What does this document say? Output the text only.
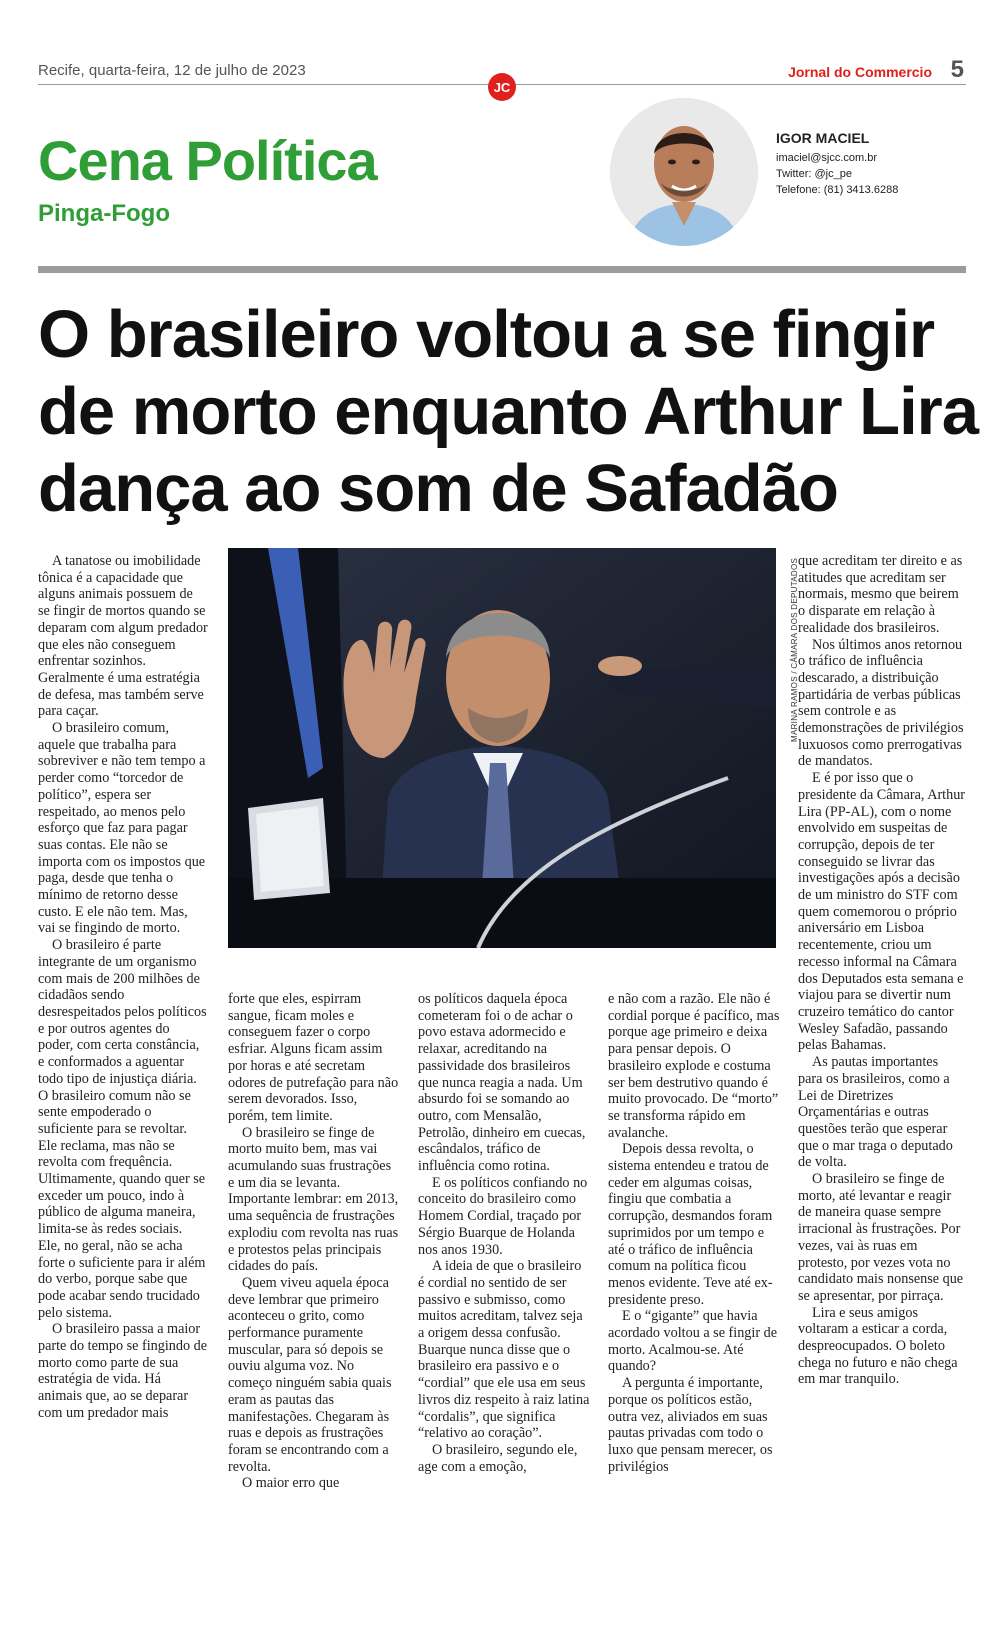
Recife, quarta-feira, 12 de julho de 2023
JC
Jornal do Commercio 5
Cena Política
Pinga-Fogo
IGOR MACIEL
imaciel@sjcc.com.br
Twitter: @jc_pe
Telefone: (81) 3413.6288
O brasileiro voltou a se fingir de morto enquanto Arthur Lira dança ao som de Safadão
MARINA RAMOS / CÂMARA DOS DEPUTADOS

A tanatose ou imobilidade tônica é a capacidade que alguns animais possuem de se fingir de mortos quando se deparam com algum predador que eles não conseguem enfrentar sozinhos. Geralmente é uma estratégia de defesa, mas também serve para caçar.

O brasileiro comum, aquele que trabalha para sobreviver e não tem tempo a perder como “torcedor de político”, espera ser respeitado, ao menos pelo esforço que faz para pagar suas contas. Ele não se importa com os impostos que paga, desde que tenha o mínimo de retorno desse custo. E ele não tem. Mas, vai se fingindo de morto.

O brasileiro é parte integrante de um organismo com mais de 200 milhões de cidadãos sendo desrespeitados pelos políticos e por outros agentes do poder, com certa constância, e conformados a aguentar todo tipo de injustiça diária. O brasileiro comum não se sente empoderado o suficiente para se revoltar. Ele reclama, mas não se revolta com frequência. Ultimamente, quando quer se exceder um pouco, indo à público de alguma maneira, limita-se às redes sociais. Ele, no geral, não se acha forte o suficiente para ir além do verbo, porque sabe que pode acabar sendo trucidado pelo sistema.

O brasileiro passa a maior parte do tempo se fingindo de morto como parte de sua estratégia de vida. Há animais que, ao se deparar com um predador mais

forte que eles, espirram sangue, ficam moles e conseguem fazer o corpo esfriar. Alguns ficam assim por horas e até secretam odores de putrefação para não serem devorados. Isso, porém, tem limite.

O brasileiro se finge de morto muito bem, mas vai acumulando suas frustrações e um dia se levanta. Importante lembrar: em 2013, uma sequência de frustrações explodiu com revolta nas ruas e protestos pelas principais cidades do país.

Quem viveu aquela época deve lembrar que primeiro aconteceu o grito, como performance puramente muscular, para só depois se ouviu alguma voz. No começo ninguém sabia quais eram as pautas das manifestações. Chegaram às ruas e depois as frustrações foram se encontrando com a revolta.

O maior erro que

os políticos daquela época cometeram foi o de achar o povo estava adormecido e relaxar, acreditando na passividade dos brasileiros que nunca reagia a nada. Um absurdo foi se somando ao outro, com Mensalão, Petrolão, dinheiro em cuecas, escândalos, tráfico de influência como rotina.

E os políticos confiando no conceito do brasileiro como Homem Cordial, traçado por Sérgio Buarque de Holanda nos anos 1930.

A ideia de que o brasileiro é cordial no sentido de ser passivo e submisso, como muitos acreditam, talvez seja a origem dessa confusão. Buarque nunca disse que o brasileiro era passivo e o “cordial” que ele usa em seus livros diz respeito à raiz latina “cordalis”, que significa “relativo ao coração”.

O brasileiro, segundo ele, age com a emoção,

e não com a razão. Ele não é cordial porque é pacífico, mas porque age primeiro e deixa para pensar depois. O brasileiro explode e costuma ser bem destrutivo quando é muito provocado. De “morto” se transforma rápido em avalanche.

Depois dessa revolta, o sistema entendeu e tratou de ceder em algumas coisas, fingiu que combatia a corrupção, desmandos foram suprimidos por um tempo e até o tráfico de influência comum na política ficou menos evidente. Teve até ex-presidente preso.

E o “gigante” que havia acordado voltou a se fingir de morto. Acalmou-se. Até quando?

A pergunta é importante, porque os políticos estão, outra vez, aliviados em suas pautas privadas com todo o luxo que pensam merecer, os privilégios

que acreditam ter direito e as atitudes que acreditam ser normais, mesmo que beirem o disparate em relação à realidade dos brasileiros.

Nos últimos anos retornou o tráfico de influência descarado, a distribuição partidária de verbas públicas sem controle e as demonstrações de privilégios luxuosos como prerrogativas de mandatos.

E é por isso que o presidente da Câmara, Arthur Lira (PP-AL), com o nome envolvido em suspeitas de corrupção, depois de ter conseguido se livrar das investigações após a decisão de um ministro do STF com quem comemorou o próprio aniversário em Lisboa recentemente, criou um recesso informal na Câmara dos Deputados esta semana e viajou para se divertir num cruzeiro temático do cantor Wesley Safadão, passando pelas Bahamas.

As pautas importantes para os brasileiros, como a Lei de Diretrizes Orçamentárias e outras questões terão que esperar que o mar traga o deputado de volta.

O brasileiro se finge de morto, até levantar e reagir de maneira quase sempre irracional às frustrações. Por vezes, vai às ruas em protesto, por vezes vota no candidato mais nonsense que se apresentar, por pirraça.

Lira e seus amigos voltaram a esticar a corda, despreocupados. O boleto chega no futuro e não chega em mar tranquilo.
